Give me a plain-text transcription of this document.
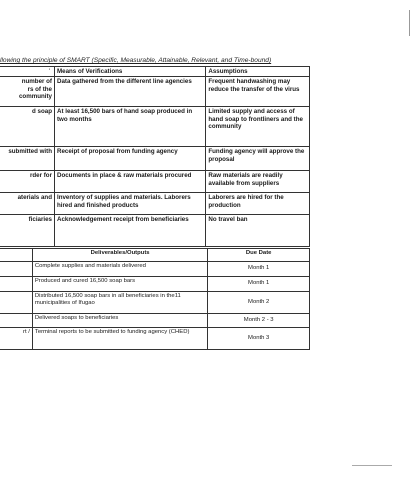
llowing the principle of SMART (Specific, Measurable, Attainable, Relevant, and Time-bound)
'	Means of Verifications	Assumptions
number of
rs of the
community	Data gathered from the different line agencies	Frequent handwashing may reduce the transfer of the virus
d soap	At least 16,500 bars of hand soap produced in two months	Limited supply and access of hand soap to frontliners and the community
submitted with	Receipt of proposal from funding agency	Funding agency will approve the proposal
rder for	Documents in place & raw materials procured	Raw materials are readily available from suppliers
aterials and	Inventory of supplies and materials. Laborers hired and finished products	Laborers are hired for the production
ficiaries	Acknowledgement receipt from beneficiaries	No travel ban
	Deliverables/Outputs	Due Date
	Complete supplies and materials delivered	Month 1
	Produced and cured 16,500 soap bars	Month 1
	Distributed 16,500 soap bars in all beneficiaries in the11 municipalities of Ifugao	Month 2
	Delivered soaps to beneficiaries	Month 2 - 3
rt /	Terminal reports to be submitted to funding agency (CHED)	Month 3
